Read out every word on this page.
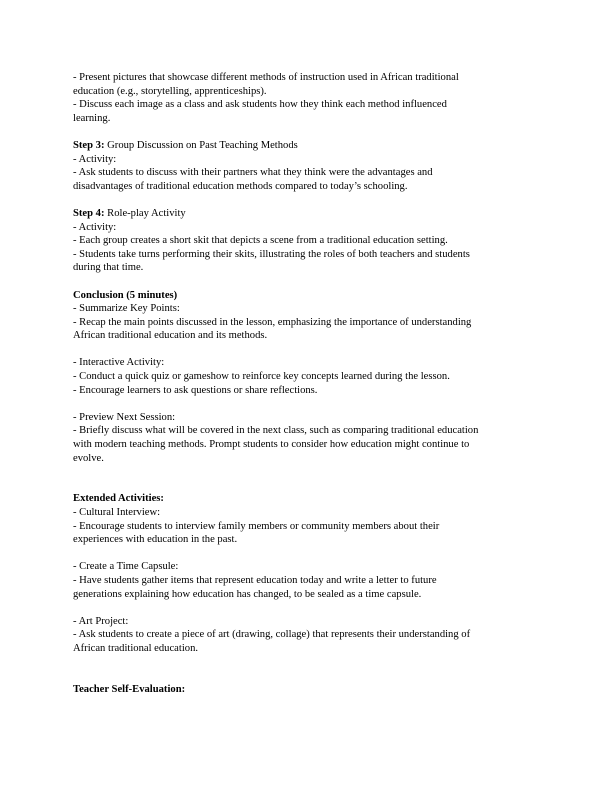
- Present pictures that showcase different methods of instruction used in African traditional
education (e.g., storytelling, apprenticeships).
- Discuss each image as a class and ask students how they think each method influenced
learning.
Step 3: Group Discussion on Past Teaching Methods
- Activity:
- Ask students to discuss with their partners what they think were the advantages and
disadvantages of traditional education methods compared to today’s schooling.
Step 4: Role-play Activity
- Activity:
- Each group creates a short skit that depicts a scene from a traditional education setting.
- Students take turns performing their skits, illustrating the roles of both teachers and students
during that time.
Conclusion (5 minutes)
- Summarize Key Points:
- Recap the main points discussed in the lesson, emphasizing the importance of understanding
African traditional education and its methods.
- Interactive Activity:
- Conduct a quick quiz or gameshow to reinforce key concepts learned during the lesson.
- Encourage learners to ask questions or share reflections.
- Preview Next Session:
- Briefly discuss what will be covered in the next class, such as comparing traditional education
with modern teaching methods. Prompt students to consider how education might continue to
evolve.
Extended Activities:
- Cultural Interview:
- Encourage students to interview family members or community members about their
experiences with education in the past.
- Create a Time Capsule:
- Have students gather items that represent education today and write a letter to future
generations explaining how education has changed, to be sealed as a time capsule.
- Art Project:
- Ask students to create a piece of art (drawing, collage) that represents their understanding of
African traditional education.
Teacher Self-Evaluation:
